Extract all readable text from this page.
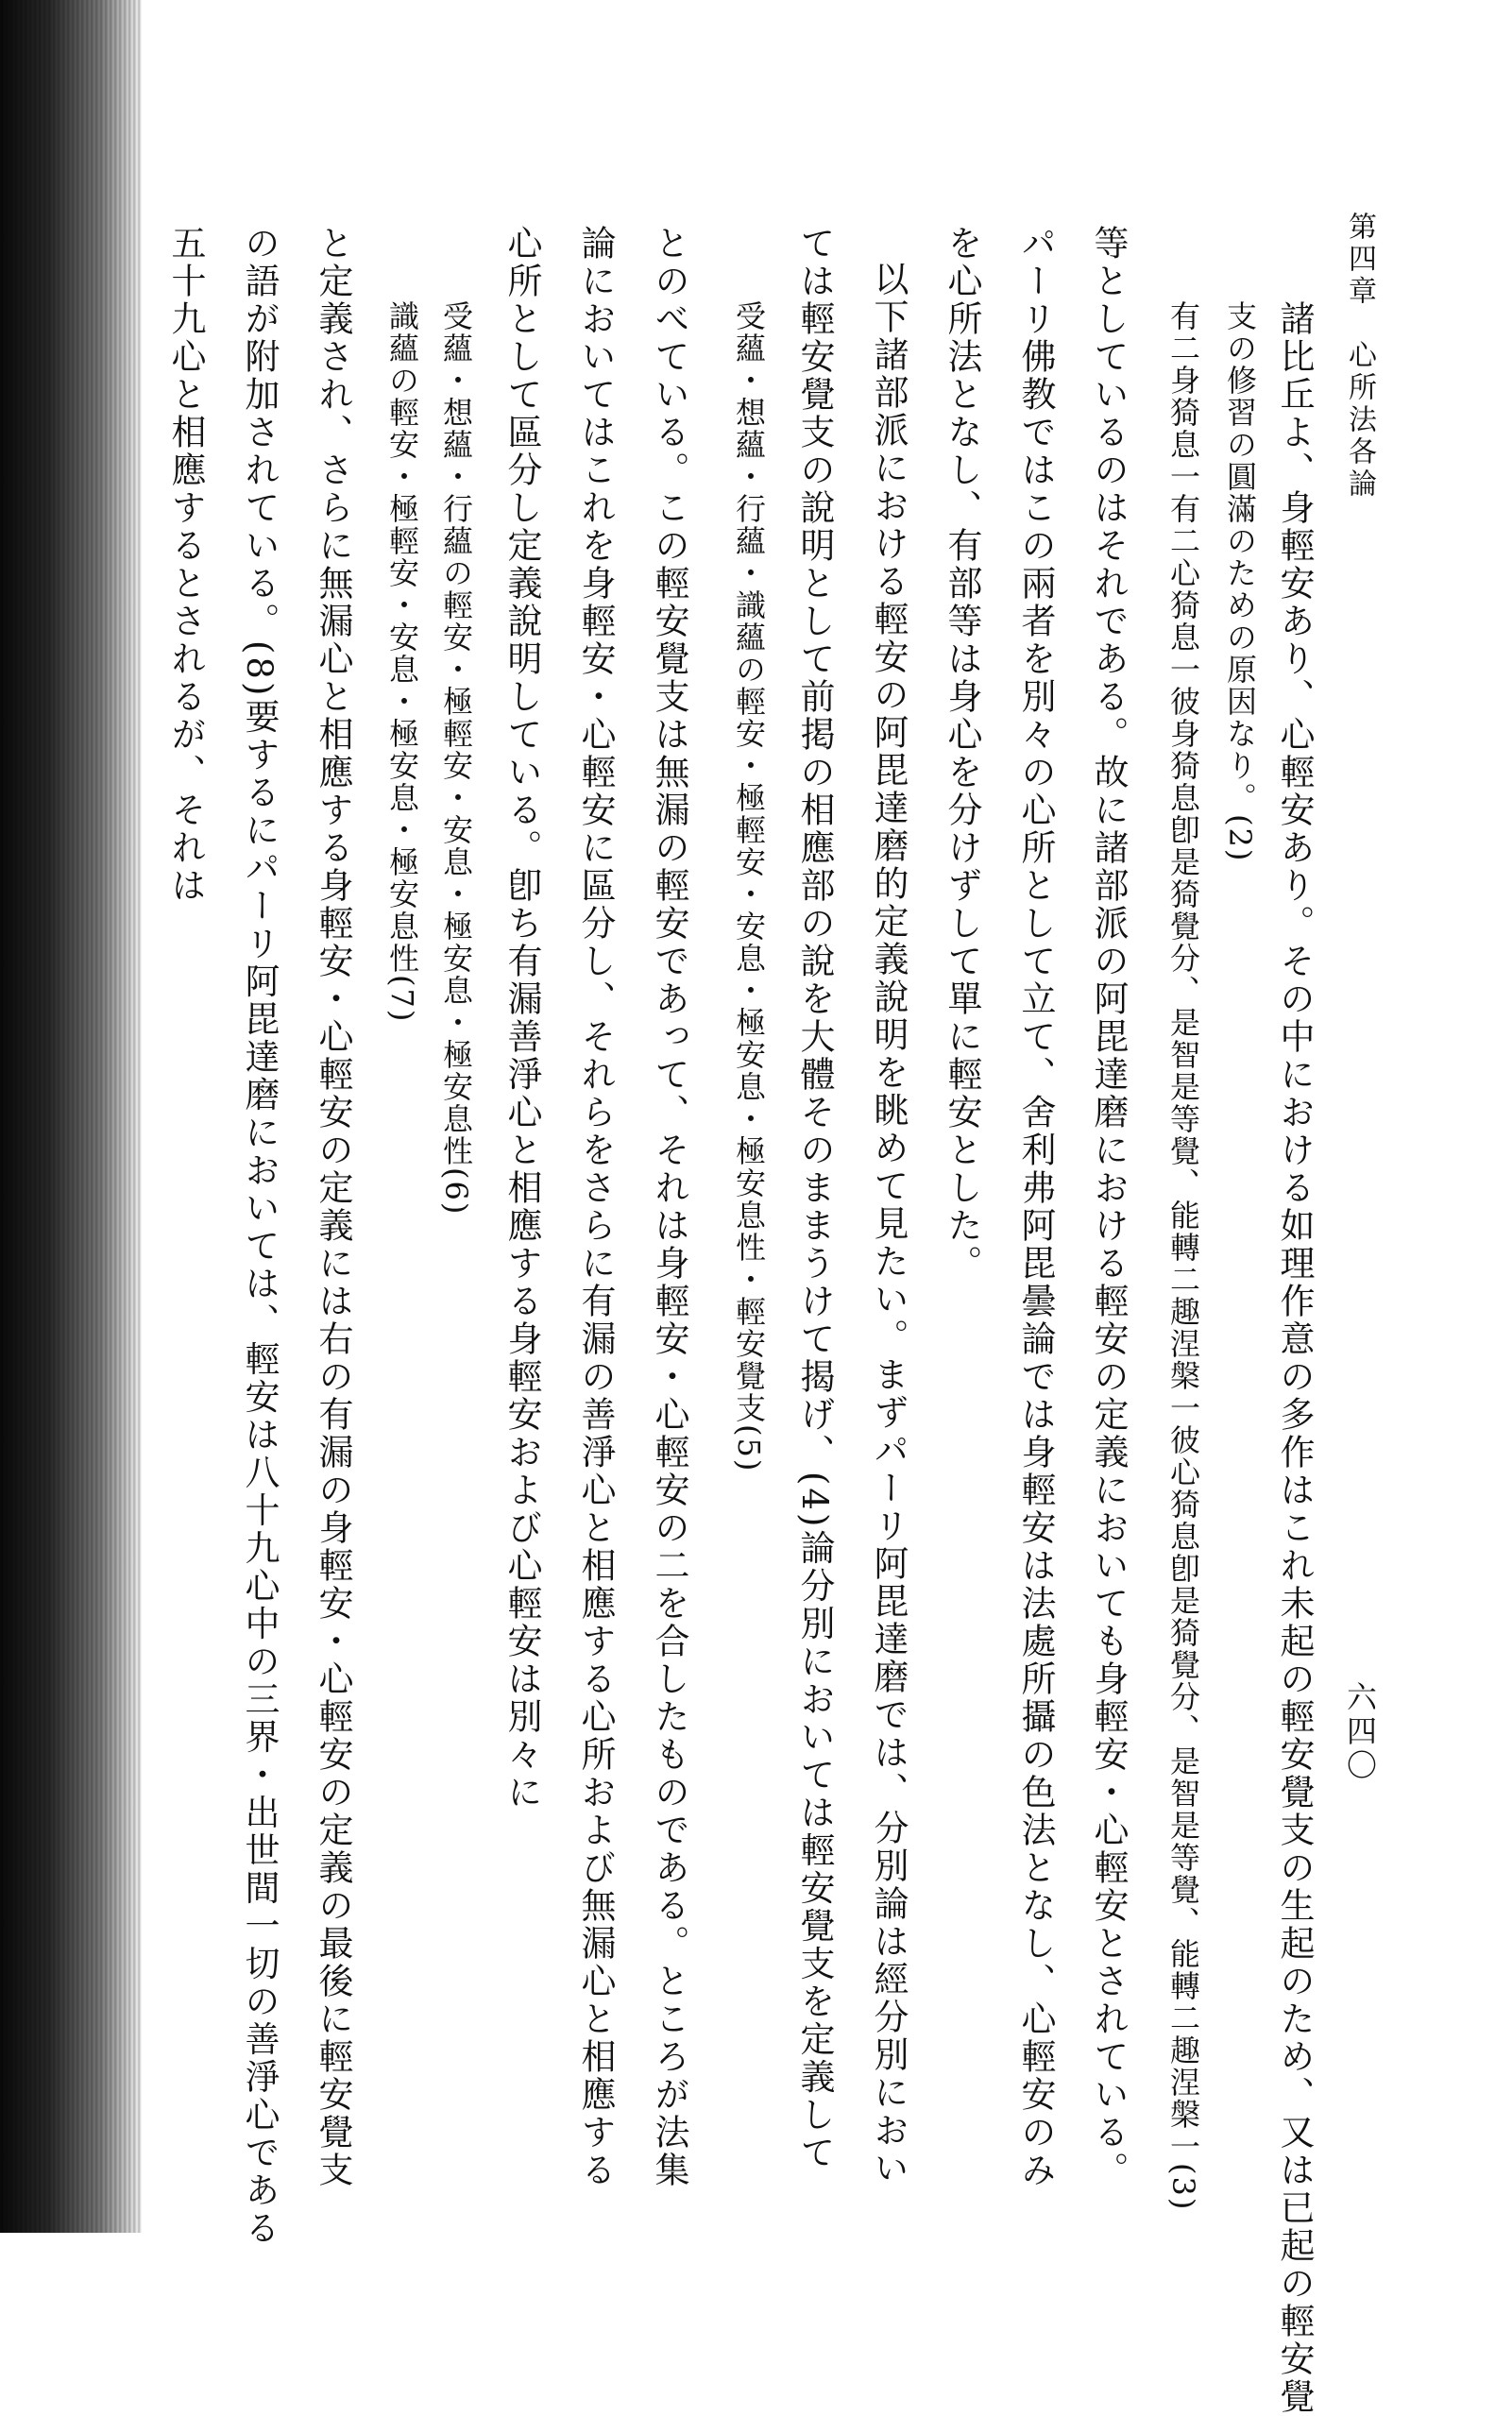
第四章　心所法各論
六四〇
諸比丘よ、身輕安あり、心輕安あり。その中における如理作意の多作はこれ未起の輕安覺支の生起のため、又は已起の輕安覺
支の修習の圓滿のための原因なり。(2)
有二身猗息一有二心猗息一彼身猗息卽是猗覺分、是智是等覺、能轉二趣涅槃一彼心猗息卽是猗覺分、是智是等覺、能轉二趣涅槃一(3)
等としているのはそれである。故に諸部派の阿毘達磨における輕安の定義においても身輕安・心輕安とされている。
パーリ佛教ではこの兩者を別々の心所として立て、舍利弗阿毘曇論では身輕安は法處所攝の色法となし、心輕安のみ
を心所法となし、有部等は身心を分けずして單に輕安とした。
以下諸部派における輕安の阿毘達磨的定義說明を眺めて見たい。まずパーリ阿毘達磨では、分別論は經分別におい
ては輕安覺支の說明として前掲の相應部の說を大體そのままうけて揭げ、(4)論分別においては輕安覺支を定義して
受蘊・想蘊・行蘊・識蘊の輕安・極輕安・安息・極安息・極安息性・輕安覺支(5)
とのべている。この輕安覺支は無漏の輕安であって、それは身輕安・心輕安の二を合したものである。ところが法集
論においてはこれを身輕安・心輕安に區分し、それらをさらに有漏の善淨心と相應する心所および無漏心と相應する
心所として區分し定義說明している。卽ち有漏善淨心と相應する身輕安および心輕安は別々に
受蘊・想蘊・行蘊の輕安・極輕安・安息・極安息・極安息性(6)
識蘊の輕安・極輕安・安息・極安息・極安息性(7)
と定義され、さらに無漏心と相應する身輕安・心輕安の定義には右の有漏の身輕安・心輕安の定義の最後に輕安覺支
の語が附加されている。(8)要するにパーリ阿毘達磨においては、輕安は八十九心中の三界・出世間一切の善淨心である
五十九心と相應するとされるが、それは
